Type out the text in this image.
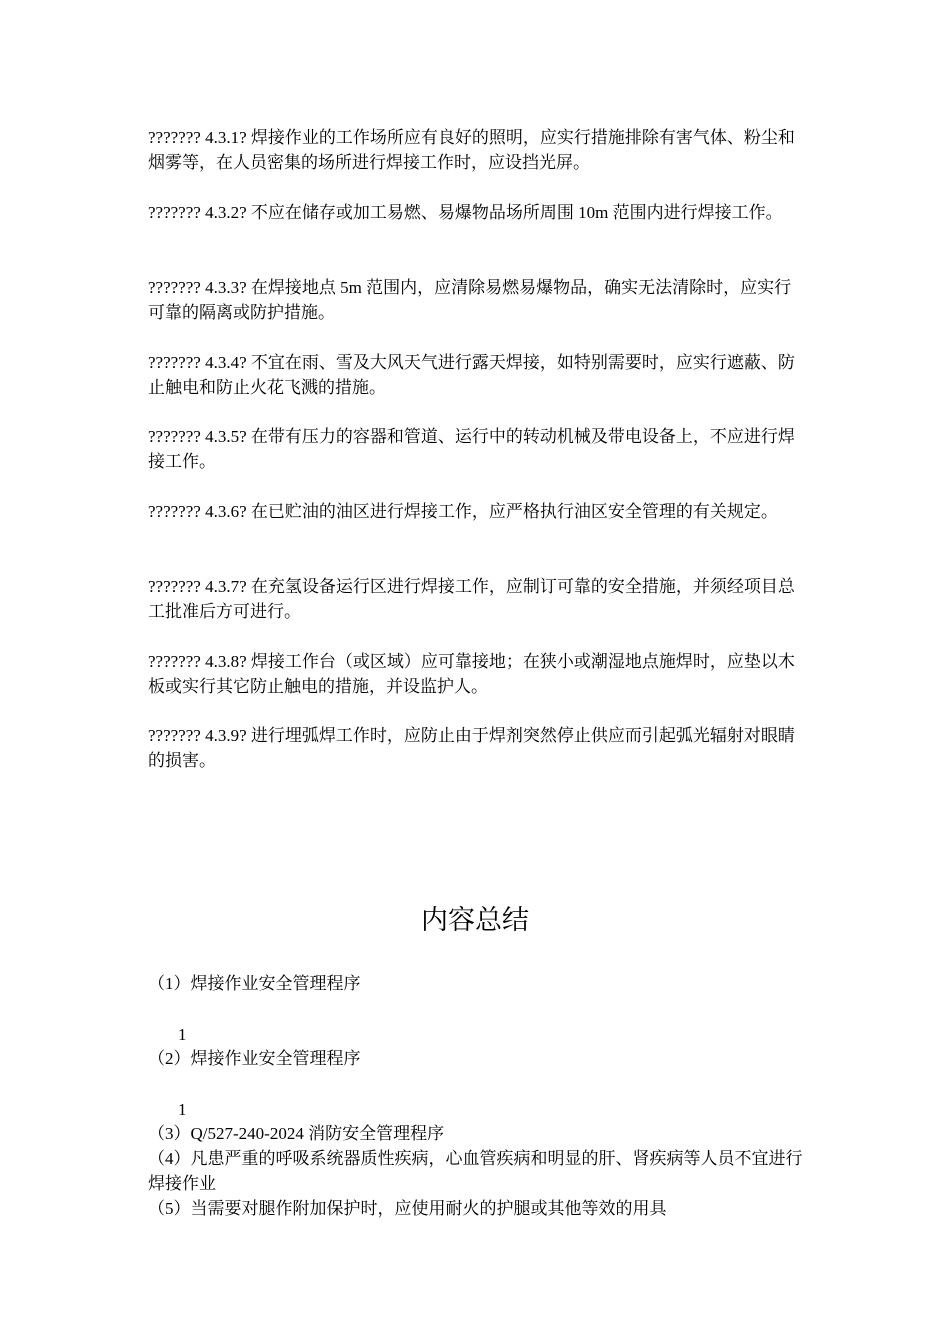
??????? 4.3.1? 焊接作业的工作场所应有良好的照明，应实行措施排除有害气体、粉尘和烟雾等，在人员密集的场所进行焊接工作时，应设挡光屏。

??????? 4.3.2? 不应在储存或加工易燃、易爆物品场所周围 10m 范围内进行焊接工作。

??????? 4.3.3? 在焊接地点 5m 范围内，应清除易燃易爆物品，确实无法清除时，应实行可靠的隔离或防护措施。

??????? 4.3.4? 不宜在雨、雪及大风天气进行露天焊接，如特别需要时，应实行遮蔽、防止触电和防止火花飞溅的措施。

??????? 4.3.5? 在带有压力的容器和管道、运行中的转动机械及带电设备上，不应进行焊接工作。

??????? 4.3.6? 在已贮油的油区进行焊接工作，应严格执行油区安全管理的有关规定。

??????? 4.3.7? 在充氢设备运行区进行焊接工作，应制订可靠的安全措施，并须经项目总工批准后方可进行。

??????? 4.3.8? 焊接工作台（或区域）应可靠接地；在狭小或潮湿地点施焊时，应垫以木板或实行其它防止触电的措施，并设监护人。

??????? 4.3.9? 进行埋弧焊工作时，应防止由于焊剂突然停止供应而引起弧光辐射对眼睛的损害。

内容总结

（1）焊接作业安全管理程序

1

（2）焊接作业安全管理程序

1

（3）Q/527-240-2024 消防安全管理程序

（4）凡患严重的呼吸系统器质性疾病，心血管疾病和明显的肝、肾疾病等人员不宜进行焊接作业

（5）当需要对腿作附加保护时，应使用耐火的护腿或其他等效的用具
